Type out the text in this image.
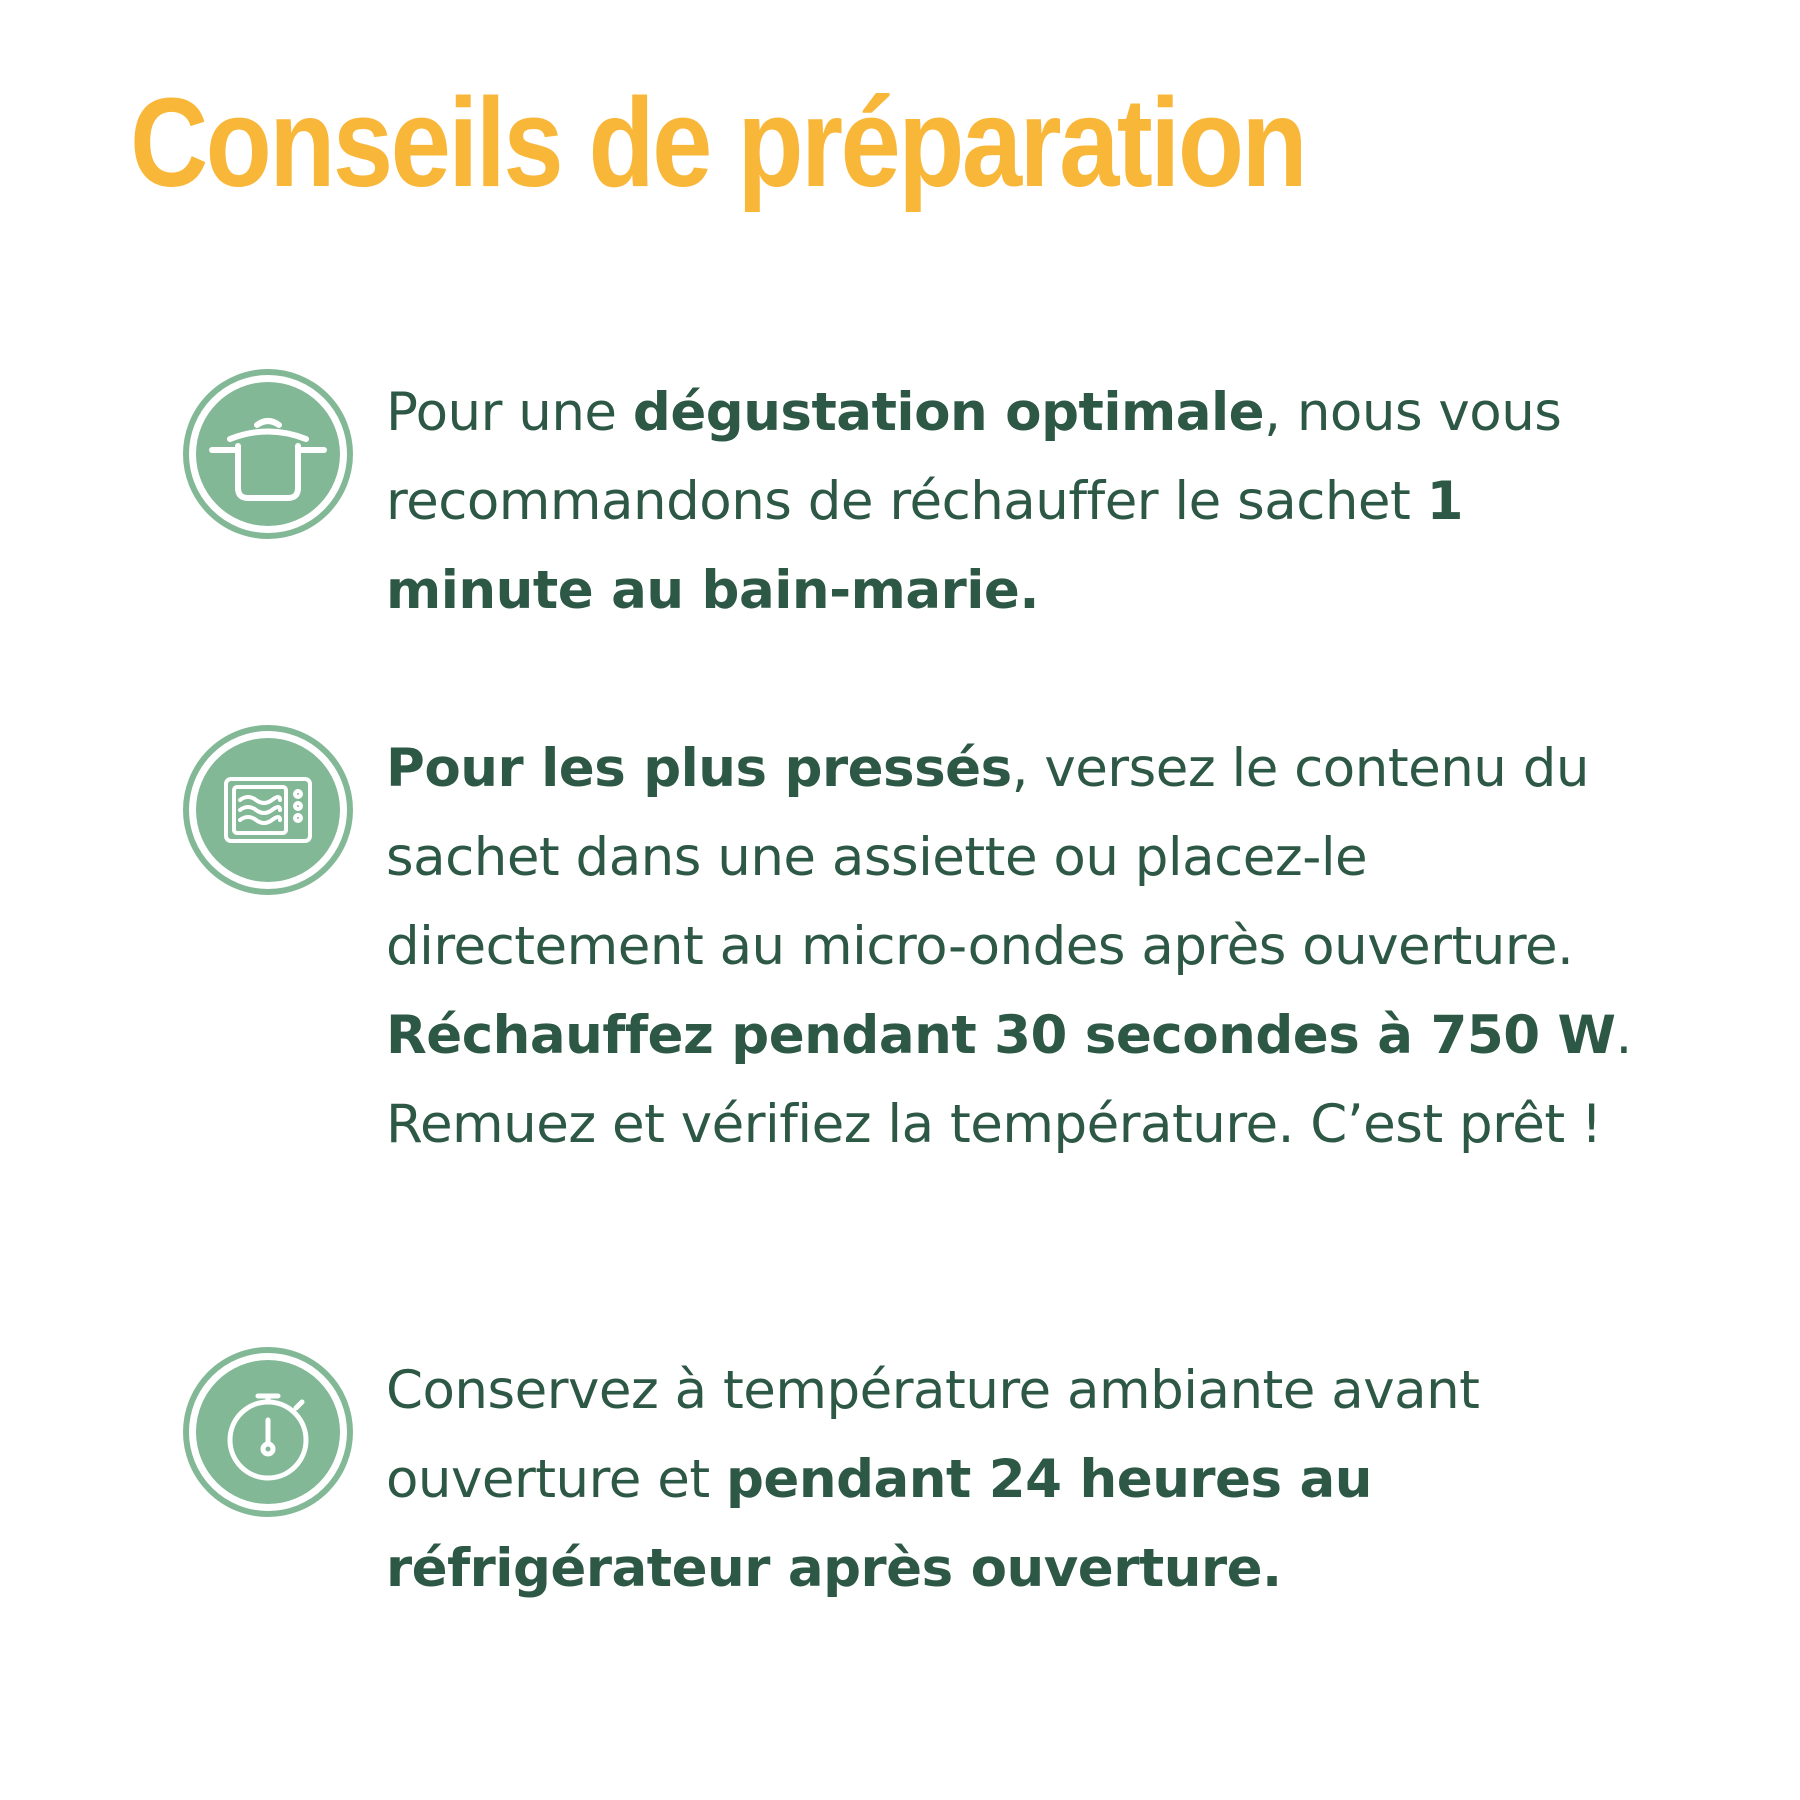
Conseils de préparation

Pour une dégustation optimale, nous vous recommandons de réchauffer le sachet 1 minute au bain-marie.

Pour les plus pressés, versez le contenu du sachet dans une assiette ou placez-le directement au micro-ondes après ouverture. Réchauffez pendant 30 secondes à 750 W. Remuez et vérifiez la température. C’est prêt !

Conservez à température ambiante avant ouverture et pendant 24 heures au réfrigérateur après ouverture.
